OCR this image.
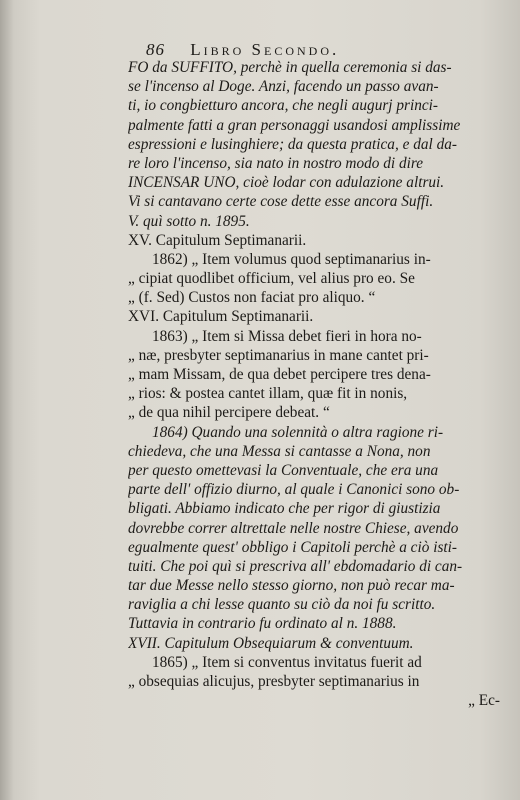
86 Libro Secondo.
FO da SUFFITO, perchè in quella ceremonia si das-
se l'incenso al Doge. Anzi, facendo un passo avan-
ti, io congbietturo ancora, che negli augurj princi-
palmente fatti a gran personaggi usandosi amplissime
espressioni e lusinghiere; da questa pratica, e dal da-
re loro l'incenso, sia nato in nostro modo di dire
INCENSAR UNO, cioè lodar con adulazione altrui.
Vi si cantavano certe cose dette esse ancora Suffi.
V. quì sotto n. 1895.
XV. Capitulum Septimanarii.
1862) „ Item volumus quod septimanarius in-
„ cipiat quodlibet officium, vel alius pro eo. Se
„ (f. Sed) Custos non faciat pro aliquo. “
XVI. Capitulum Septimanarii.
1863) „ Item si Missa debet fieri in hora no-
„ næ, presbyter septimanarius in mane cantet pri-
„ mam Missam, de qua debet percipere tres dena-
„ rios: & postea cantet illam, quæ fit in nonis,
„ de qua nihil percipere debeat. “
1864) Quando una solennità o altra ragione ri-
chiedeva, che una Messa si cantasse a Nona, non
per questo omettevasi la Conventuale, che era una
parte dell' offizio diurno, al quale i Canonici sono ob-
bligati. Abbiamo indicato che per rigor di giustizia
dovrebbe correr altrettale nelle nostre Chiese, avendo
egualmente quest' obbligo i Capitoli perchè a ciò isti-
tuiti. Che poi quì si prescriva all' ebdomadario di can-
tar due Messe nello stesso giorno, non può recar ma-
raviglia a chi lesse quanto su ciò da noi fu scritto.
Tuttavia in contrario fu ordinato al n. 1888.
XVII. Capitulum Obsequiarum & conventuum.
1865) „ Item si conventus invitatus fuerit ad
„ obsequias alicujus, presbyter septimanarius in
„ Ec-
